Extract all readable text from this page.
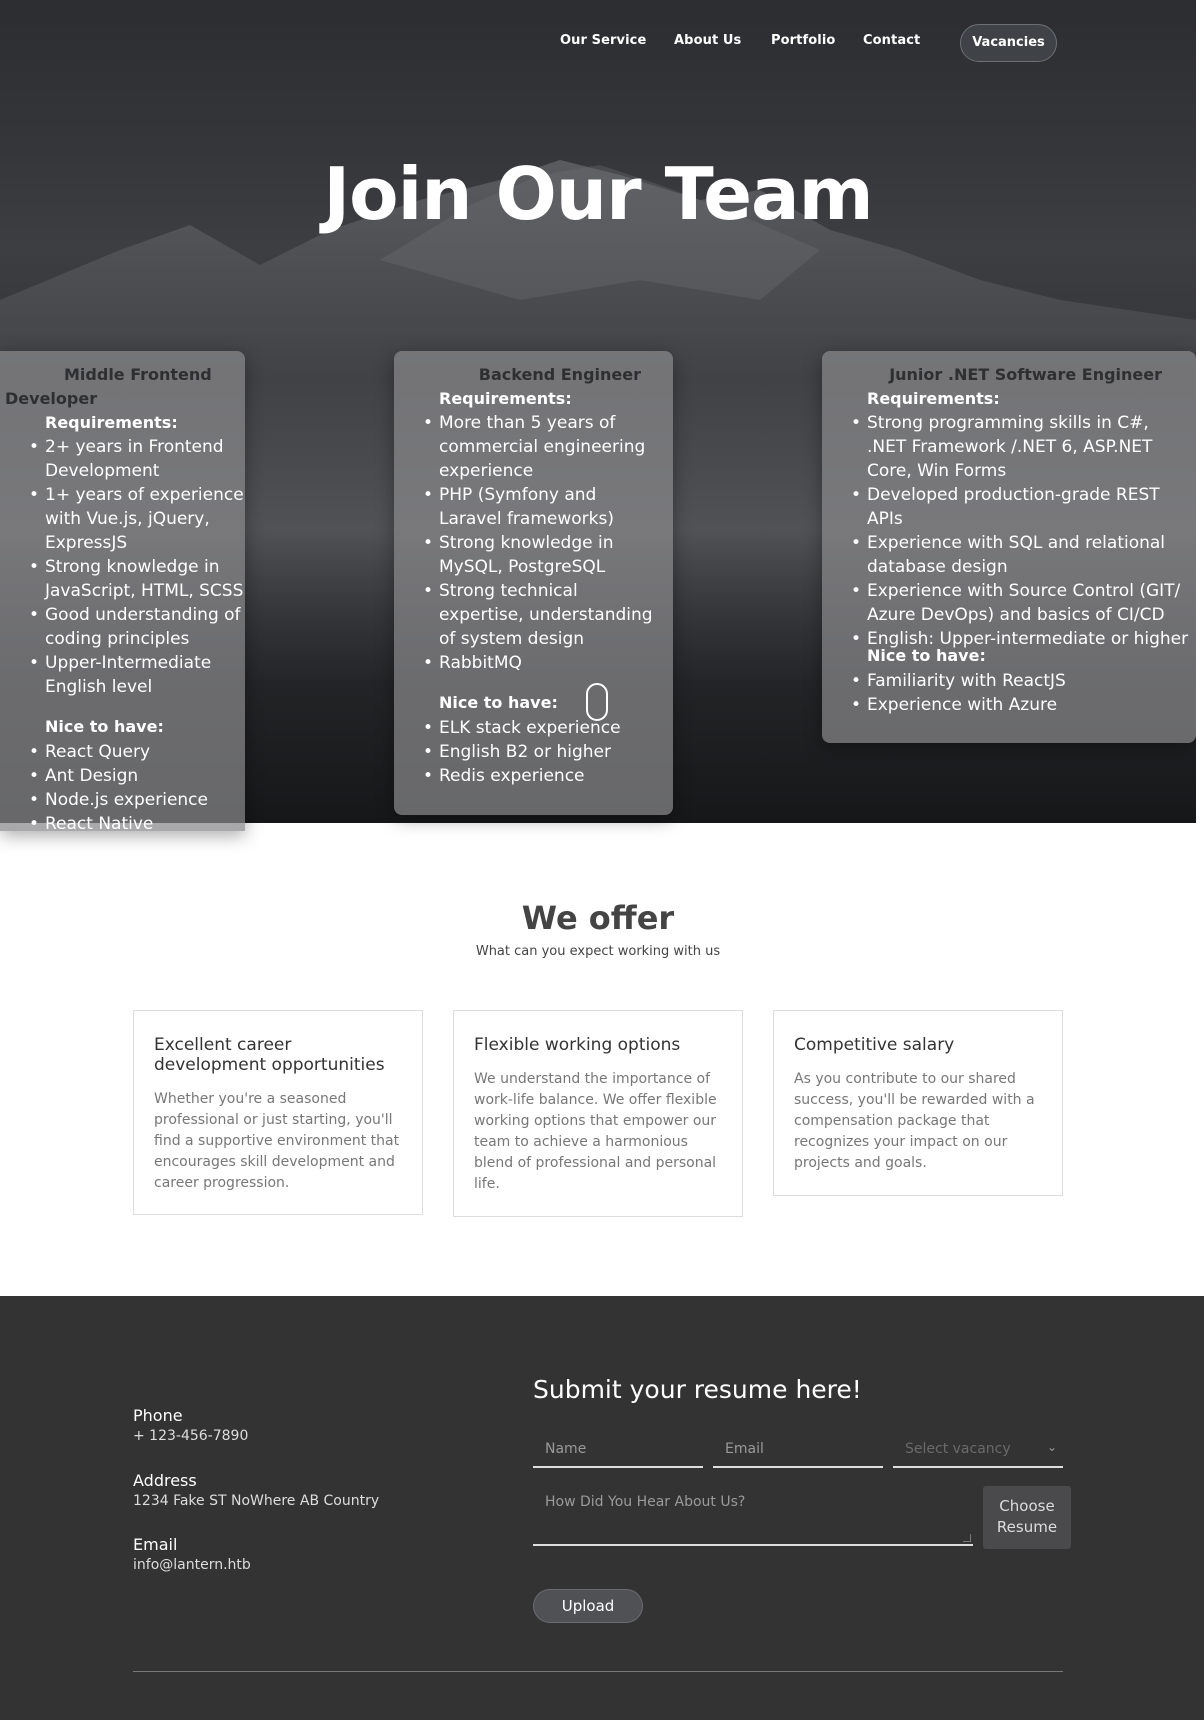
Our Service About Us Portfolio Contact	Vacancies
Join Our Team
Middle Frontend
Developer
Requirements:
• 2+ years in Frontend
Development
• 1+ years of experience
with Vue.js, jQuery,
ExpressJS
• Strong knowledge in
JavaScript, HTML, SCSS
• Good understanding of
coding principles
• Upper-Intermediate
English level
Nice to have:
• React Query
• Ant Design
• Node.js experience
• React Native
Backend Engineer
Requirements:
• More than 5 years of commercial engineering experience
• PHP (Symfony and Laravel frameworks)
• Strong knowledge in MySQL, PostgreSQL
• Strong technical expertise, understanding of system design
• RabbitMQ
Nice to have:
• ELK stack experience
• English B2 or higher
• Redis experience
Junior .NET Software Engineer
Requirements:
• Strong programming skills in C#, .NET Framework /.NET 6, ASP.NET Core, Win Forms
• Developed production-grade REST APIs
• Experience with SQL and relational database design
• Experience with Source Control (GIT/ Azure DevOps) and basics of CI/CD
• English: Upper-intermediate or higher
Nice to have:
• Familiarity with ReactJS
• Experience with Azure
We offer
What can you expect working with us
Excellent career development opportunities

Whether you're a seasoned professional or just starting, you'll find a supportive environment that encourages skill development and career progression.

Flexible working options

We understand the importance of work-life balance. We offer flexible working options that empower our team to achieve a harmonious blend of professional and personal life.

Competitive salary

As you contribute to our shared success, you'll be rewarded with a compensation package that recognizes your impact on our projects and goals.

Phone
+ 123-456-7890
Address
1234 Fake ST NoWhere AB Country
Email
info@lantern.htb
Submit your resume here!
Name	Email	Select vacancy	⌄
How Did You Hear About Us?	Choose Resume
Upload
